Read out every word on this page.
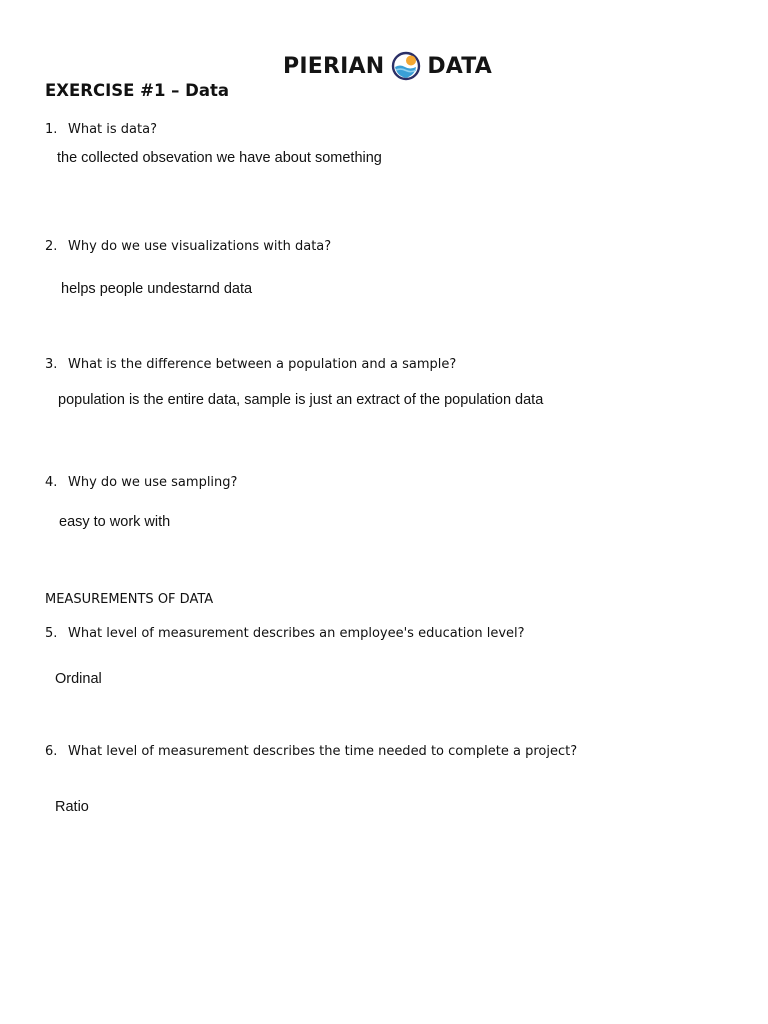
PIERIAN DATA
EXERCISE #1 – Data
1. What is data?
the collected obsevation we have about something
2. Why do we use visualizations with data?
helps people undestarnd data
3. What is the difference between a population and a sample?
population is the entire data, sample is just an extract of the population data
4. Why do we use sampling?
easy to work with
MEASUREMENTS OF DATA
5. What level of measurement describes an employee's education level?
Ordinal
6. What level of measurement describes the time needed to complete a project?
Ratio
